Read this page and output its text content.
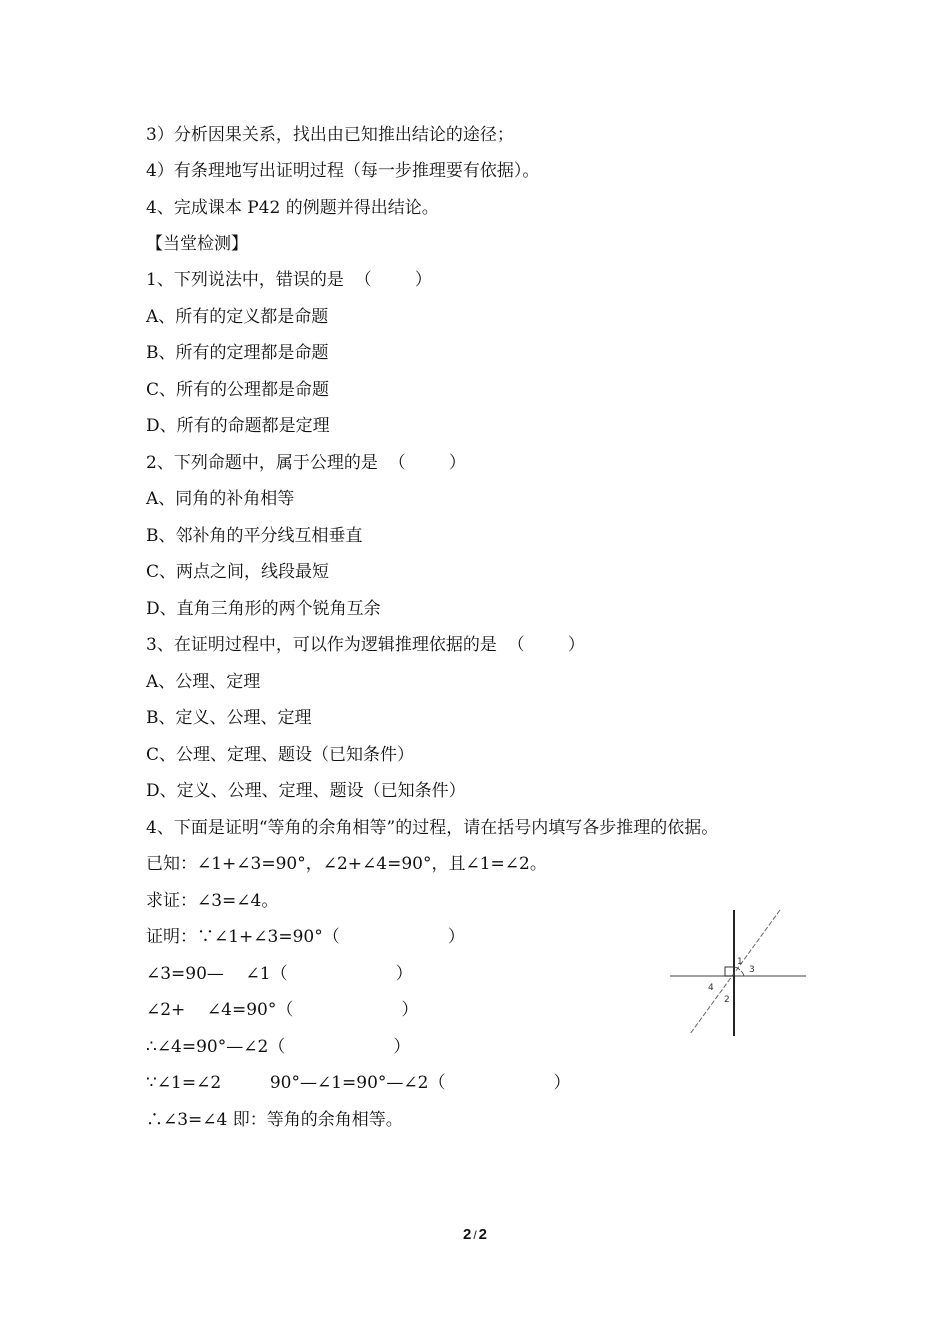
3）分析因果关系，找出由已知推出结论的途径；
4）有条理地写出证明过程（每一步推理要有依据）。
4、完成课本 P42 的例题并得出结论。
【当堂检测】
1、下列说法中，错误的是  （        ）
A、所有的定义都是命题
B、所有的定理都是命题
C、所有的公理都是命题
D、所有的命题都是定理
2、下列命题中，属于公理的是  （        ）
A、同角的补角相等
B、邻补角的平分线互相垂直
C、两点之间，线段最短
D、直角三角形的两个锐角互余
3、在证明过程中，可以作为逻辑推理依据的是  （        ）
A、公理、定理
B、定义、公理、定理
C、公理、定理、题设（已知条件）
D、定义、公理、定理、题设（已知条件）
4、下面是证明“等角的余角相等”的过程，请在括号内填写各步推理的依据。
已知：∠1+∠3=90°，∠2+∠4=90°，且∠1=∠2。
求证：∠3=∠4。
证明：∵∠1+∠3=90°（                    ）
∠3=90—    ∠1（                    ）
∠2+    ∠4=90°（                    ）
∴∠4=90°—∠2（                    ）
∵∠1=∠2         90°—∠1=90°—∠2（                    ）
∴∠3=∠4 即：等角的余角相等。
1
3
4
2
2 / 2
